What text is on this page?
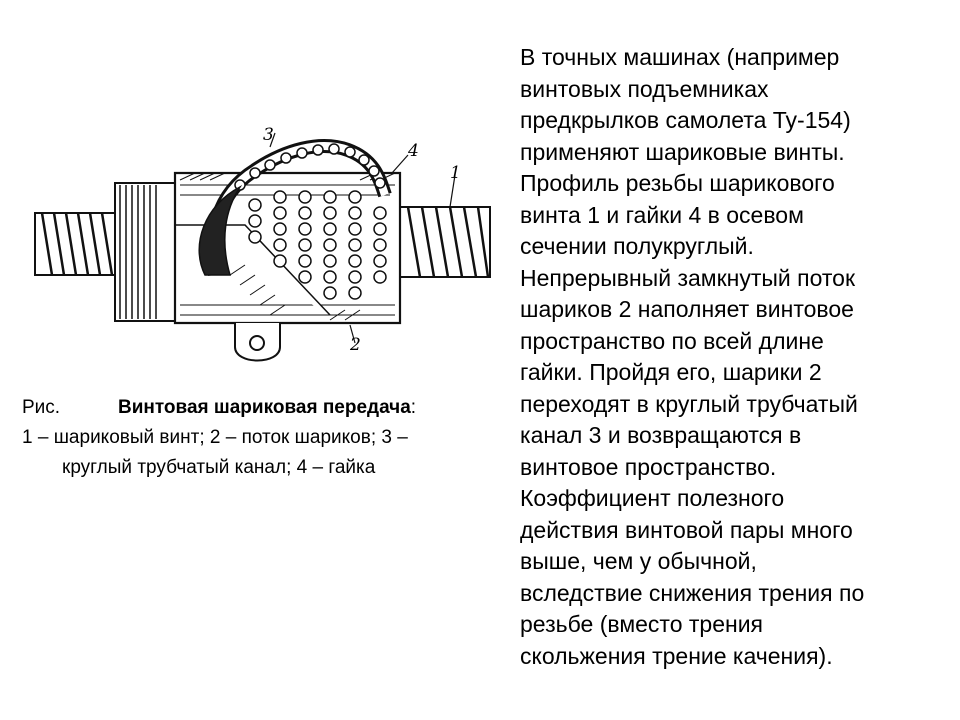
3
4
1
2
Рис.	Винтовая шариковая передача:
1 – шариковый винт; 2 – поток шариков; 3 –
круглый трубчатый канал; 4 – гайка
В точных машинах (например
винтовых подъемниках
предкрылков самолета Ту-154)
применяют шариковые винты.
Профиль резьбы шарикового
винта 1 и гайки 4 в осевом
сечении полукруглый.
Непрерывный замкнутый поток
шариков 2 наполняет винтовое
пространство по всей длине
гайки. Пройдя его, шарики 2
переходят в круглый трубчатый
канал 3 и возвращаются в
винтовое пространство.
Коэффициент полезного
действия винтовой пары много
выше, чем у обычной,
вследствие снижения трения по
резьбе (вместо трения
скольжения трение качения).
